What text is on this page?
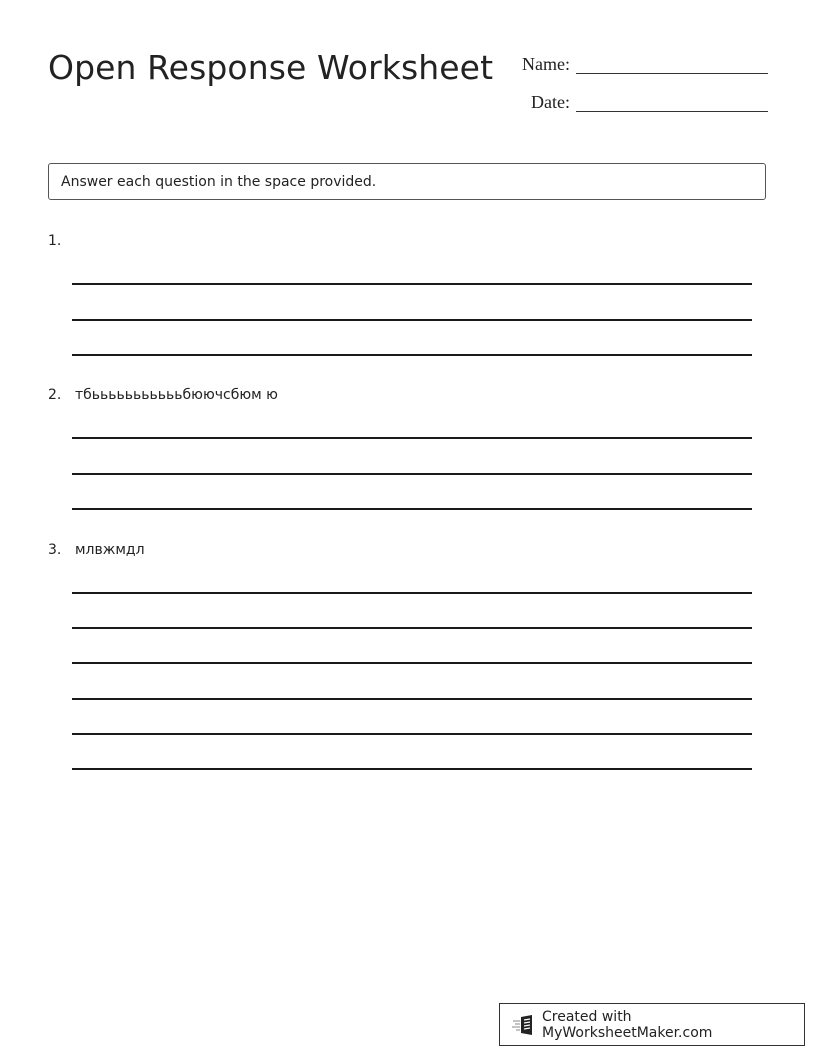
Open Response Worksheet	Name:
Date:
Answer each question in the space provided.
1.
2. тбьььььььььььбюючсбюм ю
3. млвжмдл
Created with MyWorksheetMaker.com
